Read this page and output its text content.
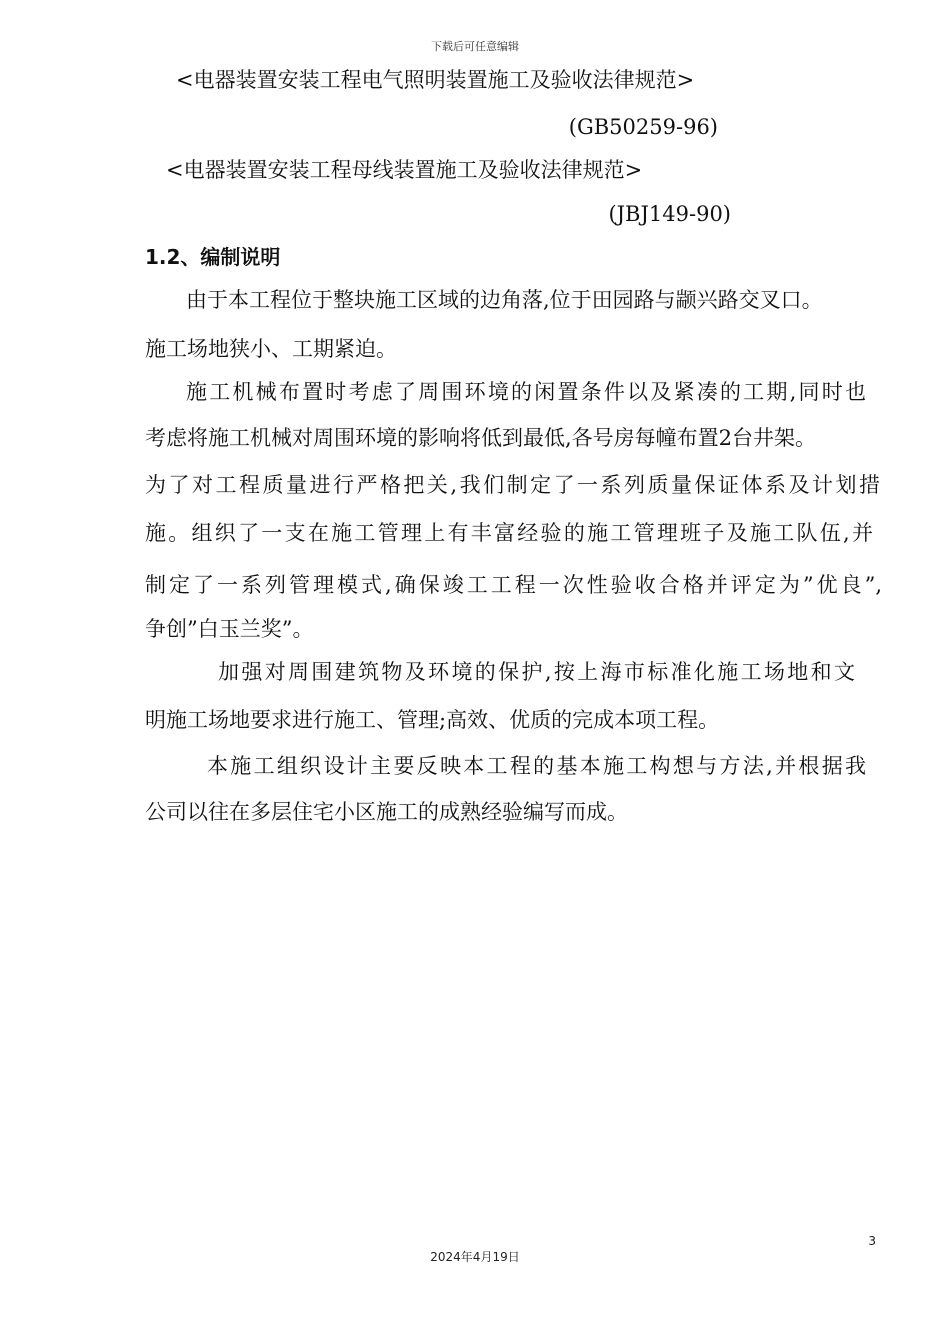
下载后可任意编辑
<电器装置安装工程电气照明装置施工及验收法律规范>
(GB50259-96)
<电器装置安装工程母线装置施工及验收法律规范>
(JBJ149-90)
1.2、编制说明
由于本工程位于整块施工区域的边角落,位于田园路与颛兴路交叉口。
施工场地狭小、工期紧迫。
施工机械布置时考虑了周围环境的闲置条件以及紧凑的工期,同时也
考虑将施工机械对周围环境的影响将低到最低,各号房每幢布置2台井架。
为了对工程质量进行严格把关,我们制定了一系列质量保证体系及计划措
施。组织了一支在施工管理上有丰富经验的施工管理班子及施工队伍,并
制定了一系列管理模式,确保竣工工程一次性验收合格并评定为”优良”,
争创”白玉兰奖”。
加强对周围建筑物及环境的保护,按上海市标准化施工场地和文
明施工场地要求进行施工、管理;高效、优质的完成本项工程。
本施工组织设计主要反映本工程的基本施工构想与方法,并根据我
公司以往在多层住宅小区施工的成熟经验编写而成。
3
2024年4月19日
